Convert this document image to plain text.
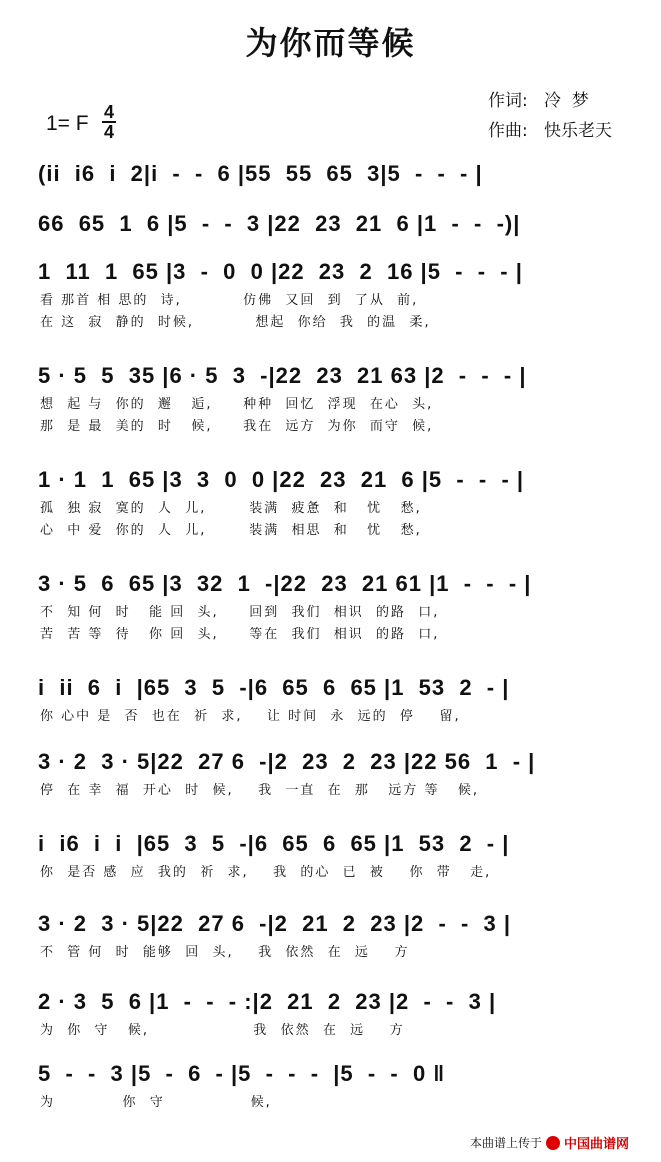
为你而等候
作词: 冷  梦
作曲: 快乐老天
1= F 4
4
(ii  i6  i  2|i  -  -  6 |55  55  65  3|5  -  -  - |
66  65  1  6 |5  -  -  3 |22  23  21  6 |1  -  -  -)|
1  11  1  65 |3  -  0  0 |22  23  2  16 |5  -  -  - |
看 那首 相 思的  诗,          仿佛  又回  到  了从  前,
在 这  寂  静的  时候,          想起  你给  我  的温  柔,
5 · 5  5  35 |6 · 5  3  -|22  23  21 63 |2  -  -  - |
想  起 与  你的  邂   逅,     种种  回忆  浮现  在心  头,
那  是 最  美的  时   候,     我在  远方  为你  而守  候,
1 · 1  1  65 |3  3  0  0 |22  23  21  6 |5  -  -  - |
孤  独 寂  寞的  人  儿,       装满  疲惫  和   忧   愁,
心  中 爱  你的  人  儿,       装满  相思  和   忧   愁,
3 · 5  6  65 |3  32  1  -|22  23  21 61 |1  -  -  - |
不  知 何  时   能 回  头,     回到  我们  相识  的路  口,
苦  苦 等  待   你 回  头,     等在  我们  相识  的路  口,
i  ii  6  i  |65  3  5  -|6  65  6  65 |1  53  2  - |
你 心中 是  否  也在  祈  求,    让 时间  永  远的  停    留,
3 · 2  3 · 5|22  27 6  -|2  23  2  23 |22 56  1  - |
停  在 幸  福  开心  时  候,    我  一直  在  那   远方 等   候,
i  i6  i  i  |65  3  5  -|6  65  6  65 |1  53  2  - |
你  是否 感  应  我的  祈  求,    我  的心  已  被    你  带   走,
3 · 2  3 · 5|22  27 6  -|2  21  2  23 |2  -  -  3 |
不  管 何  时  能够  回  头,    我  依然  在  远    方
2 · 3  5  6 |1  -  -  - :|2  21  2  23 |2  -  -  3 |
为  你  守   候,                 我  依然  在  远    方
5  -  -  3 |5  -  6  - |5  -  -  -  |5  -  -  0 ‖
为           你  守              候,
本曲谱上传于 中国曲谱网
